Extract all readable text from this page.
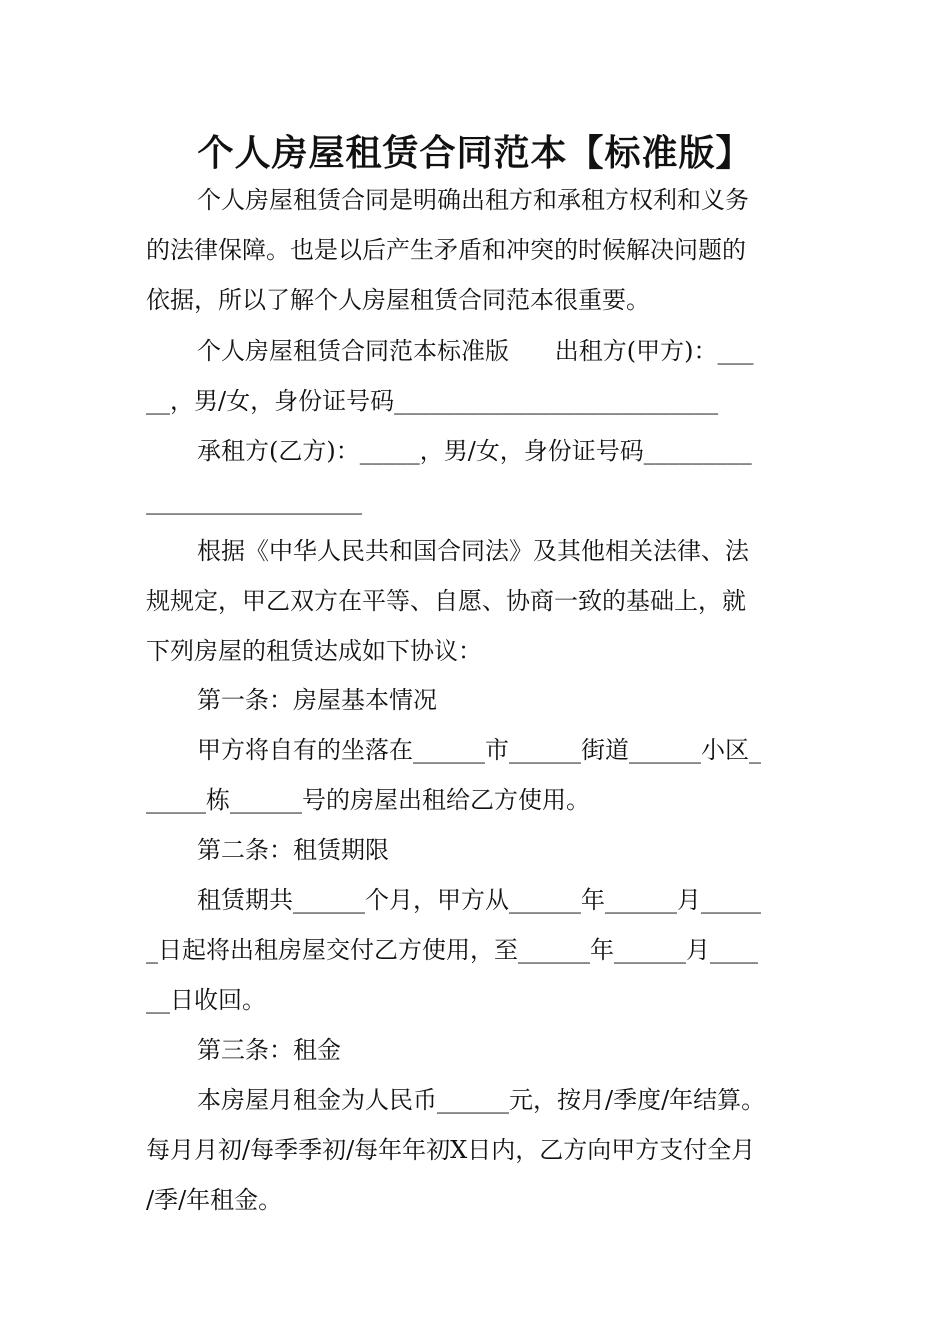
个人房屋租赁合同范本【标准版】
个人房屋租赁合同是明确出租方和承租方权利和义务
的法律保障。也是以后产生矛盾和冲突的时候解决问题的
依据，所以了解个人房屋租赁合同范本很重要。
个人房屋租赁合同范本标准版      出租方(甲方)：___
__，男/女，身份证号码___________________________
承租方(乙方)：_____，男/女，身份证号码_________
__________________
根据《中华人民共和国合同法》及其他相关法律、法
规规定，甲乙双方在平等、自愿、协商一致的基础上，就
下列房屋的租赁达成如下协议：
第一条：房屋基本情况
甲方将自有的坐落在______市______街道______小区_
_____栋______号的房屋出租给乙方使用。
第二条：租赁期限
租赁期共______个月，甲方从______年______月_____
_日起将出租房屋交付乙方使用，至______年______月____
__日收回。
第三条：租金
本房屋月租金为人民币______元，按月/季度/年结算。
每月月初/每季季初/每年年初X日内，乙方向甲方支付全月
/季/年租金。
